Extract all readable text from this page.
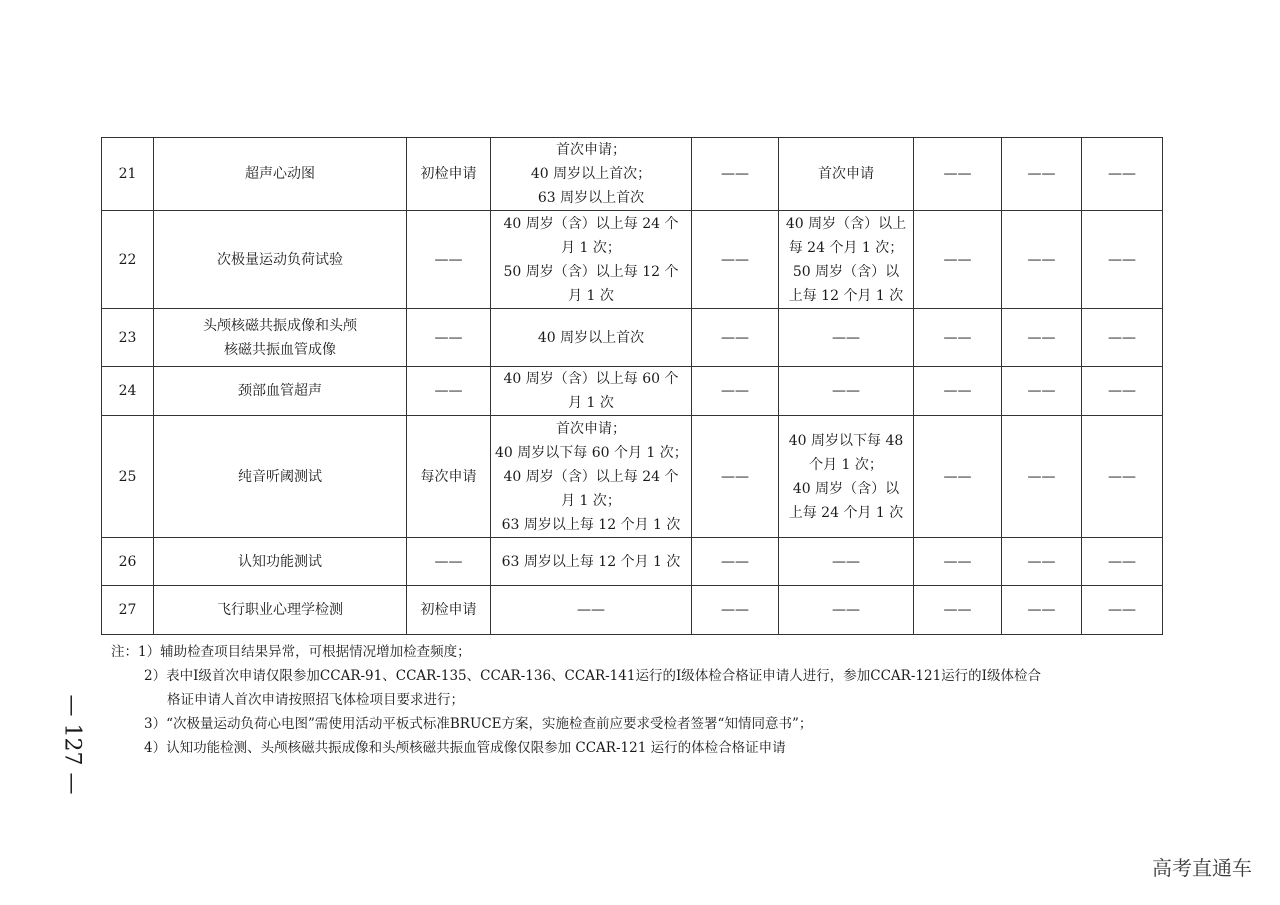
21	超声心动图	初检申请	首次申请；
40 周岁以上首次；
63 周岁以上首次	——	首次申请	——	——	——

22	次极量运动负荷试验	——	40 周岁（含）以上每 24 个
月 1 次；
50 周岁（含）以上每 12 个
月 1 次	——	40 周岁（含）以上
每 24 个月 1 次；
50 周岁（含）以
上每 12 个月 1 次	——	——	——

23	头颅核磁共振成像和头颅
核磁共振血管成像	——	40 周岁以上首次	——	——	——	——	——

24	颈部血管超声	——	40 周岁（含）以上每 60 个
月 1 次	——	——	——	——	——

25	纯音听阈测试	每次申请	首次申请；
40 周岁以下每 60 个月 1 次；
40 周岁（含）以上每 24 个
月 1 次；
63 周岁以上每 12 个月 1 次	——	40 周岁以下每 48
个月 1 次；
40 周岁（含）以
上每 24 个月 1 次	——	——	——

26	认知功能测试	——	63 周岁以上每 12 个月 1 次	——	——	——	——	——

27	飞行职业心理学检测	初检申请	——	——	——	——	——	——
注：1）辅助检查项目结果异常，可根据情况增加检查频度；
2）表中Ⅰ级首次申请仅限参加CCAR-91、CCAR-135、CCAR-136、CCAR-141运行的Ⅰ级体检合格证申请人进行，参加CCAR-121运行的Ⅰ级体检合
格证申请人首次申请按照招飞体检项目要求进行；
3）“次极量运动负荷心电图”需使用活动平板式标准BRUCE方案，实施检查前应要求受检者签署“知情同意书”；
4）认知功能检测、头颅核磁共振成像和头颅核磁共振血管成像仅限参加 CCAR-121 运行的体检合格证申请
— 127 —
高考直通车
